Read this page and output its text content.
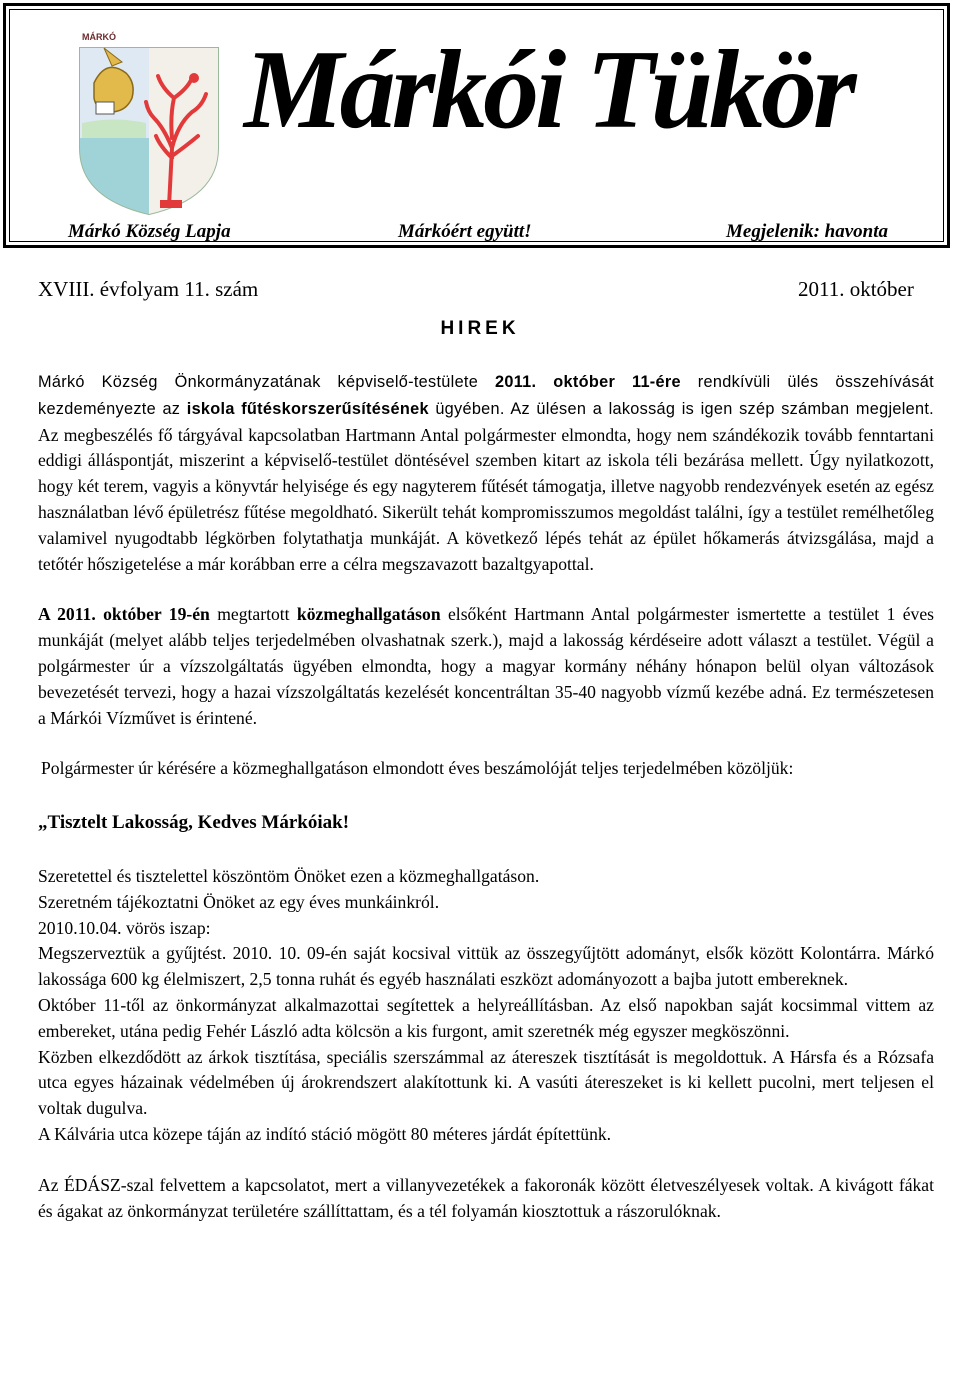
MÁRKÓ Márkói Tükör
Márkó Község Lapja	Márkóért együtt!	Megjelenik: havonta
XVIII. évfolyam 11. szám	2011. október
HIREK

Márkó Község Önkormányzatának képviselő-testülete 2011. október 11-ére rendkívüli ülés összehívását kezdeményezte az iskola fűtéskorszerűsítésének ügyében. Az ülésen a lakosság is igen szép számban megjelent. Az megbeszélés fő tárgyával kapcsolatban Hartmann Antal polgármester elmondta, hogy nem szándékozik tovább fenntartani eddigi álláspontját, miszerint a képviselő-testület döntésével szemben kitart az iskola téli bezárása mellett. Úgy nyilatkozott, hogy két terem, vagyis a könyvtár helyisége és egy nagyterem fűtését támogatja, illetve nagyobb rendezvények esetén az egész használatban lévő épületrész fűtése megoldható. Sikerült tehát kompromisszumos megoldást találni, így a testület remélhetőleg valamivel nyugodtabb légkörben folytathatja munkáját. A következő lépés tehát az épület hőkamerás átvizsgálása, majd a tetőtér hőszigetelése a már korábban erre a célra megszavazott bazaltgyapottal.

A 2011. október 19-én megtartott közmeghallgatáson elsőként Hartmann Antal polgármester ismertette a testület 1 éves munkáját (melyet alább teljes terjedelmében olvashatnak szerk.), majd a lakosság kérdéseire adott választ a testület. Végül a polgármester úr a vízszolgáltatás ügyében elmondta, hogy a magyar kormány néhány hónapon belül olyan változások bevezetését tervezi, hogy a hazai vízszolgáltatás kezelését koncentráltan 35-40 nagyobb vízmű kezébe adná. Ez természetesen a Márkói Vízművet is érintené.

Polgármester úr kérésére a közmeghallgatáson elmondott éves beszámolóját teljes terjedelmében közöljük:

„Tisztelt Lakosság, Kedves Márkóiak!

Szeretettel és tisztelettel köszöntöm Önöket ezen a közmeghallgatáson.

Szeretném tájékoztatni Önöket az egy éves munkáinkról.

2010.10.04. vörös iszap:

Megszerveztük a gyűjtést. 2010. 10. 09-én saját kocsival vittük az összegyűjtött adományt, elsők között Kolontárra. Márkó lakossága 600 kg élelmiszert, 2,5 tonna ruhát és egyéb használati eszközt adományozott a bajba jutott embereknek.

Október 11-től az önkormányzat alkalmazottai segítettek a helyreállításban. Az első napokban saját kocsimmal vittem az embereket, utána pedig Fehér László adta kölcsön a kis furgont, amit szeretnék még egyszer megköszönni.

Közben elkezdődött az árkok tisztítása, speciális szerszámmal az átereszek tisztítását is megoldottuk. A Hársfa és a Rózsafa utca egyes házainak védelmében új árokrendszert alakítottunk ki. A vasúti átereszeket is ki kellett pucolni, mert teljesen el voltak dugulva.

A Kálvária utca közepe táján az indító stáció mögött 80 méteres járdát építettünk.

Az ÉDÁSZ-szal felvettem a kapcsolatot, mert a villanyvezetékek a fakoronák között életveszélyesek voltak. A kivágott fákat és ágakat az önkormányzat területére szállíttattam, és a tél folyamán kiosztottuk a rászorulóknak.
